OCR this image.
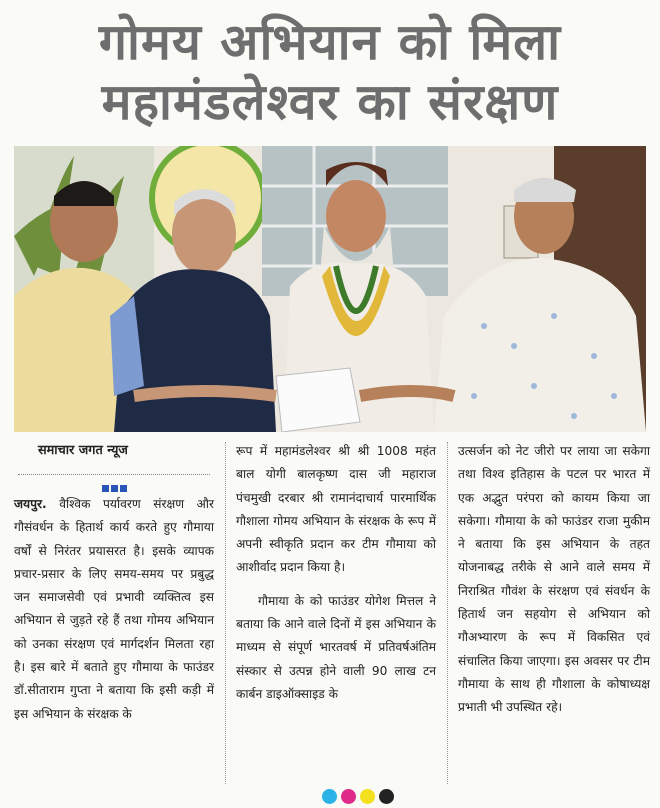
गोमय अभियान को मिला
महामंडलेश्वर का संरक्षण
समाचार जगत न्यूज

जयपुर. वैश्विक पर्यावरण संरक्षण और गौसंवर्धन के हितार्थ कार्य करते हुए गौमाया वर्षों से निरंतर प्रयासरत है। इसके व्यापक प्रचार-प्रसार के लिए समय-समय पर प्रबुद्ध जन समाजसेवी एवं प्रभावी व्यक्तित्व इस अभियान से जुड़ते रहे हैं तथा गोमय अभियान को उनका संरक्षण एवं मार्गदर्शन मिलता रहा है। इस बारे में बताते हुए गौमाया के फाउंडर डॉ.सीताराम गुप्ता ने बताया कि इसी कड़ी में इस अभियान के संरक्षक के

रूप में महामंडलेश्वर श्री श्री 1008 महंत बाल योगी बालकृष्ण दास जी महाराज पंचमुखी दरबार श्री रामानंदाचार्य पारमार्थिक गौशाला गोमय अभियान के संरक्षक के रूप में अपनी स्वीकृति प्रदान कर टीम गौमाया को आशीर्वाद प्रदान किया है।

गौमाया के को फाउंडर योगेश मित्तल ने बताया कि आने वाले दिनों में इस अभियान के माध्यम से संपूर्ण भारतवर्ष में प्रतिवर्षअंतिम संस्कार से उत्पन्न होने वाली 90 लाख टन कार्बन डाइऑक्साइड के

उत्सर्जन को नेट जीरो पर लाया जा सकेगा तथा विश्व इतिहास के पटल पर भारत में एक अद्भुत परंपरा को कायम किया जा सकेगा। गौमाया के को फाउंडर राजा मुकीम ने बताया कि इस अभियान के तहत योजनाबद्ध तरीके से आने वाले समय में निराश्रित गौवंश के संरक्षण एवं संवर्धन के हितार्थ जन सहयोग से अभियान को गौअभ्यारण के रूप में विकसित एवं संचालित किया जाएगा। इस अवसर पर टीम गौमाया के साथ ही गौशाला के कोषाध्यक्ष प्रभाती भी उपस्थित रहे।
